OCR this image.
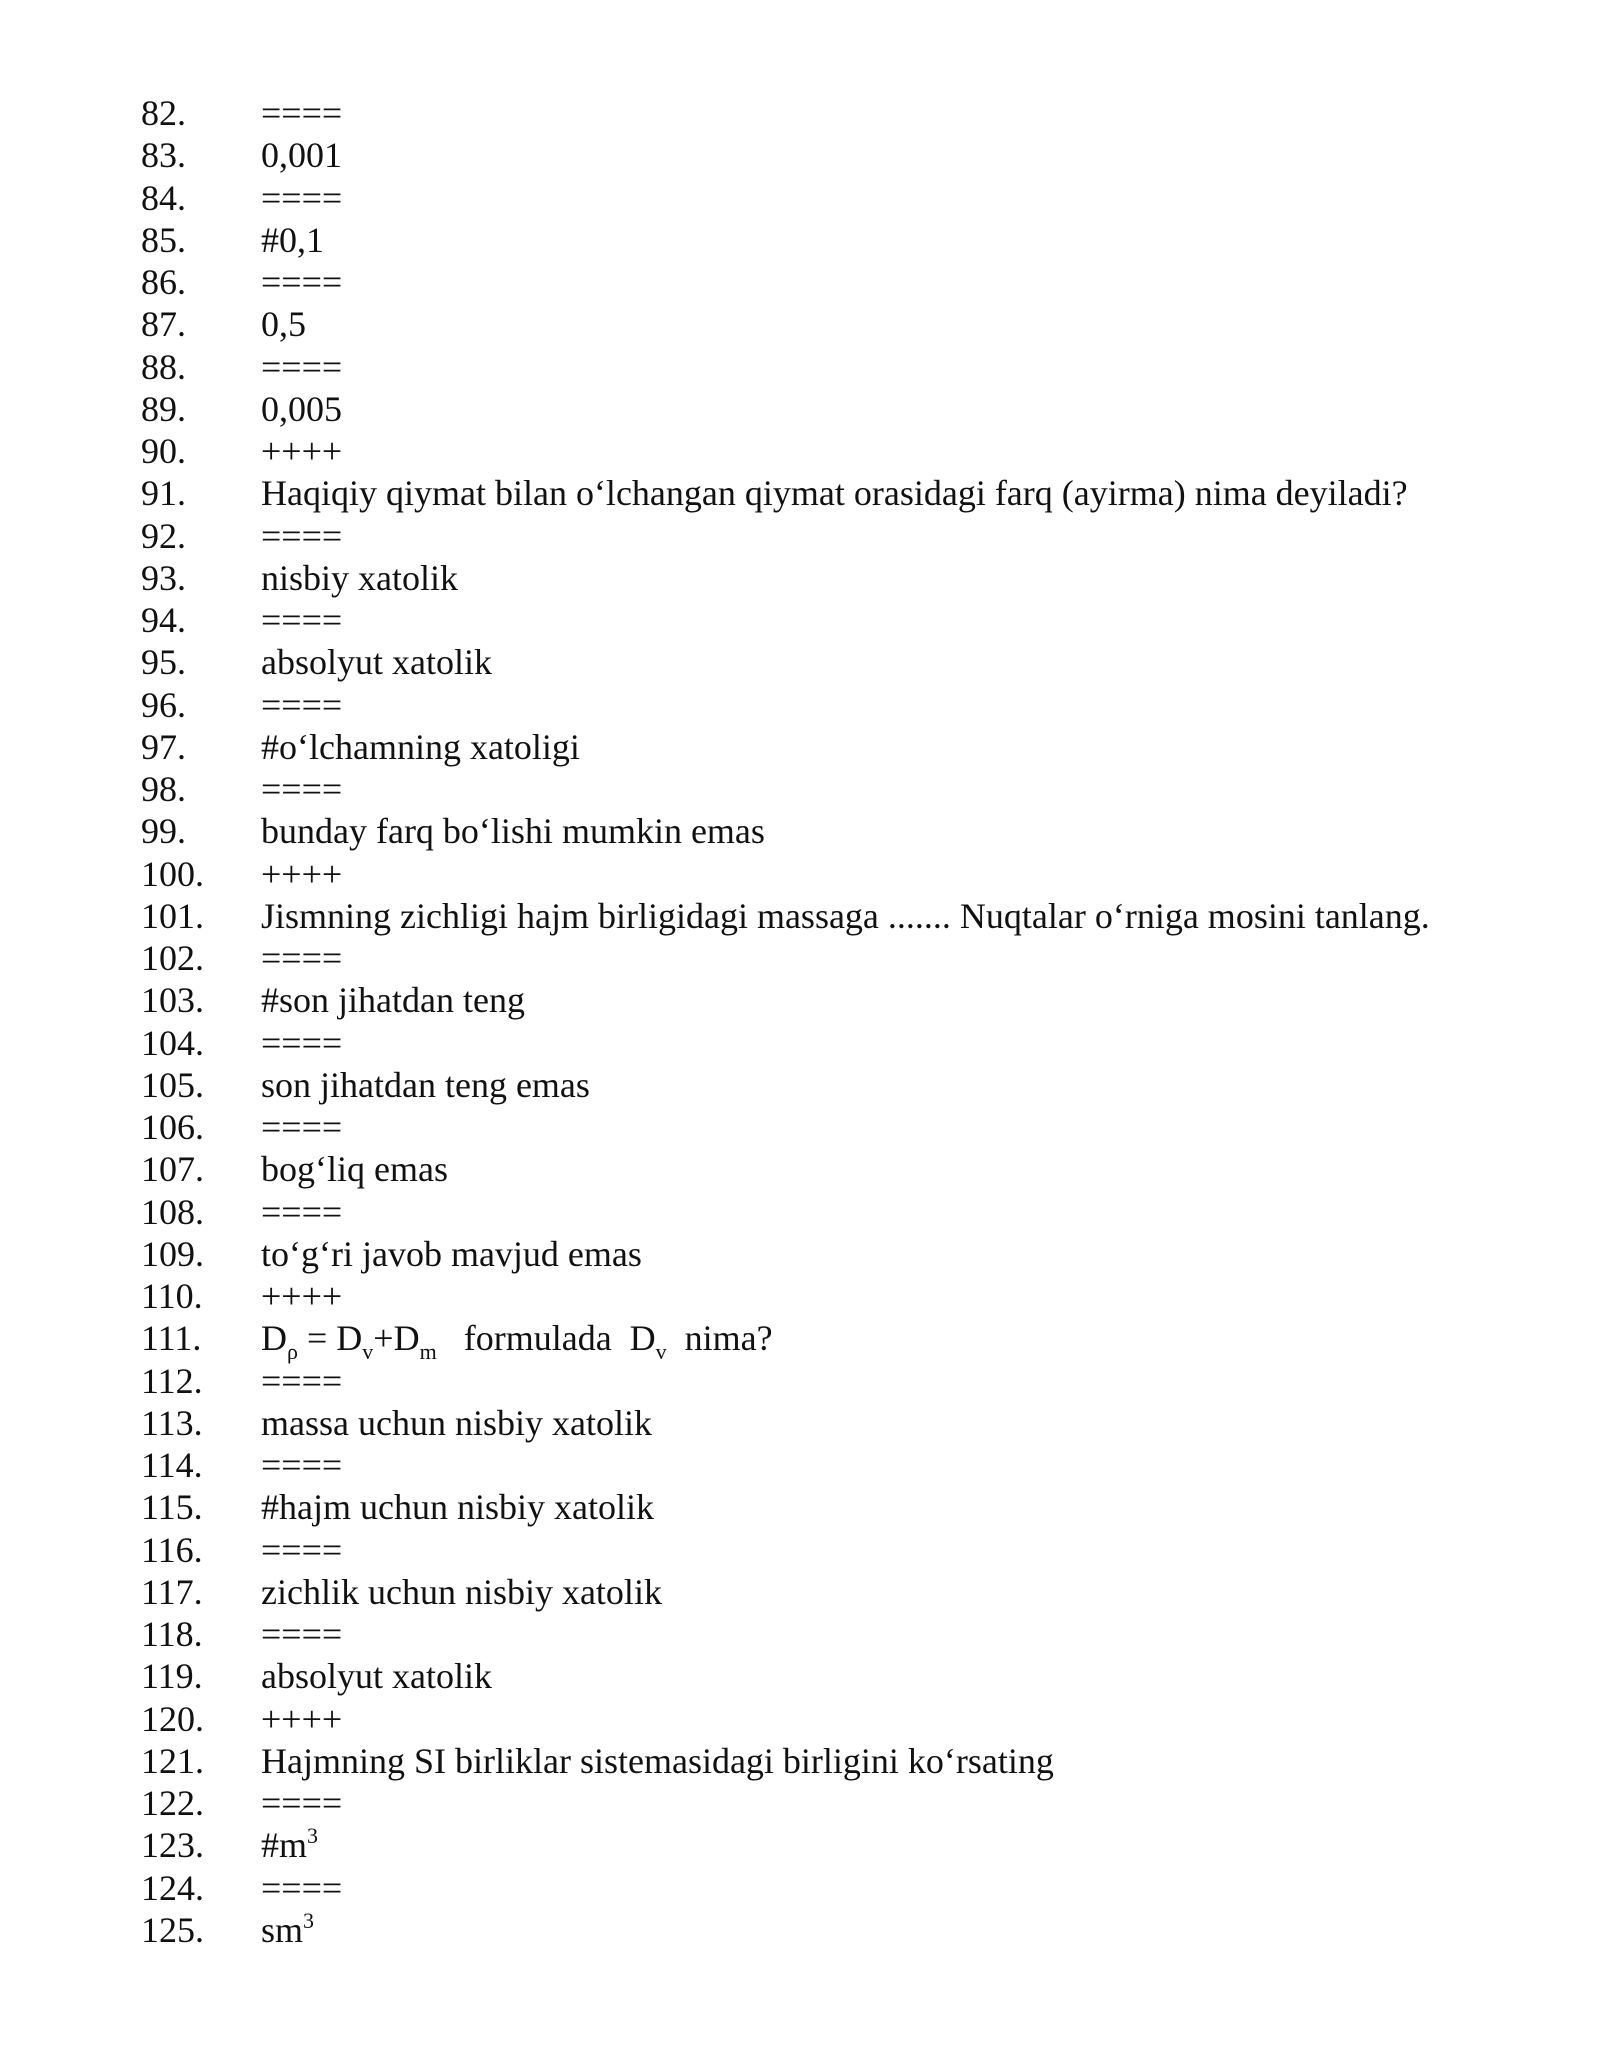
82. ====
83. 0,001
84. ====
85. #0,1
86. ====
87. 0,5
88. ====
89. 0,005
90. ++++
91. Haqiqiy qiymat bilan o‘lchangan qiymat orasidagi farq (ayirma) nima deyiladi?
92. ====
93. nisbiy xatolik
94. ====
95. absolyut xatolik
96. ====
97. #o‘lchamning xatoligi
98. ====
99. bunday farq bo‘lishi mumkin emas
100. ++++
101. Jismning zichligi hajm birligidagi massaga ....... Nuqtalar o‘rniga mosini tanlang.
102. ====
103. #son jihatdan teng
104. ====
105. son jihatdan teng emas
106. ====
107. bog‘liq emas
108. ====
109. to‘g‘ri javob mavjud emas
110. ++++
111. $D_\rho = D_v+D_m$   formulada  $D_v$  nima?
112. ====
113. massa uchun nisbiy xatolik
114. ====
115. #hajm uchun nisbiy xatolik
116. ====
117. zichlik uchun nisbiy xatolik
118. ====
119. absolyut xatolik
120. ++++
121. Hajmning SI birliklar sistemasidagi birligini ko‘rsating
122. ====
123. $\#m^3$
124. ====
125. $sm^3$
